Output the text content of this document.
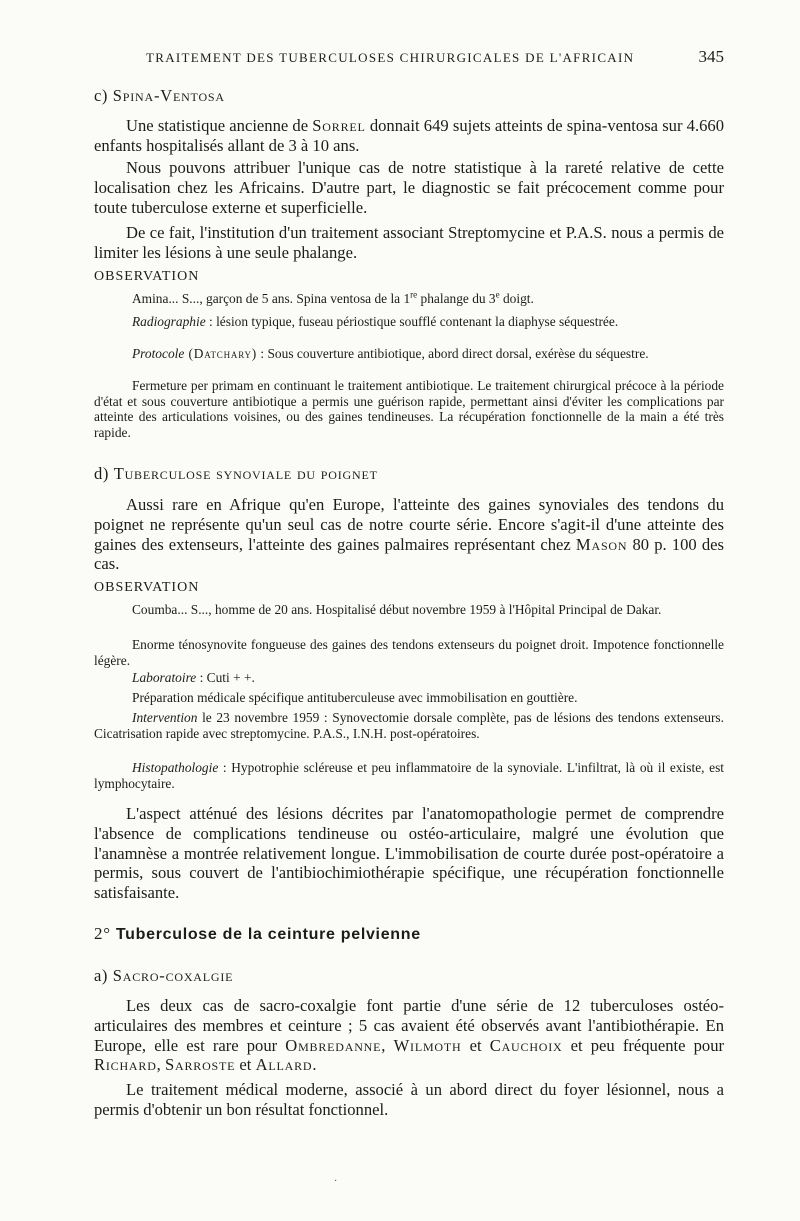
TRAITEMENT DES TUBERCULOSES CHIRURGICALES DE L'AFRICAIN	345
c) Spina-Ventosa

Une statistique ancienne de Sorrel donnait 649 sujets atteints de spina-ventosa sur 4.660 enfants hospitalisés allant de 3 à 10 ans.

Nous pouvons attribuer l'unique cas de notre statistique à la rareté relative de cette localisation chez les Africains. D'autre part, le diagnostic se fait précocement comme pour toute tuberculose externe et superficielle.

De ce fait, l'institution d'un traitement associant Streptomycine et P.A.S. nous a permis de limiter les lésions à une seule phalange.

OBSERVATION

Amina... S..., garçon de 5 ans. Spina ventosa de la 1re phalange du 3e doigt.

Radiographie : lésion typique, fuseau périostique soufflé contenant la diaphyse séquestrée.

Protocole (Datchary) : Sous couverture antibiotique, abord direct dorsal, exérèse du séquestre.

Fermeture per primam en continuant le traitement antibiotique. Le traitement chirurgical précoce à la période d'état et sous couverture antibiotique a permis une guérison rapide, permettant ainsi d'éviter les complications par atteinte des articulations voisines, ou des gaines tendineuses. La récupération fonctionnelle de la main a été très rapide.

d) Tuberculose synoviale du poignet

Aussi rare en Afrique qu'en Europe, l'atteinte des gaines synoviales des tendons du poignet ne représente qu'un seul cas de notre courte série. Encore s'agit-il d'une atteinte des gaines des extenseurs, l'atteinte des gaines palmaires représentant chez Mason 80 p. 100 des cas.

OBSERVATION

Coumba... S..., homme de 20 ans. Hospitalisé début novembre 1959 à l'Hôpital Principal de Dakar.

Enorme ténosynovite fongueuse des gaines des tendons extenseurs du poignet droit. Impotence fonctionnelle légère.

Laboratoire : Cuti + +.

Préparation médicale spécifique antituberculeuse avec immobilisation en gouttière.

Intervention le 23 novembre 1959 : Synovectomie dorsale complète, pas de lésions des tendons extenseurs. Cicatrisation rapide avec streptomycine. P.A.S., I.N.H. post-opératoires.

Histopathologie : Hypotrophie scléreuse et peu inflammatoire de la synoviale. L'infiltrat, là où il existe, est lymphocytaire.

L'aspect atténué des lésions décrites par l'anatomopathologie permet de comprendre l'absence de complications tendineuse ou ostéo-articulaire, malgré une évolution que l'anamnèse a montrée relativement longue. L'immobilisation de courte durée post-opératoire a permis, sous couvert de l'antibiochimiothérapie spécifique, une récupération fonctionnelle satisfaisante.

2° Tuberculose de la ceinture pelvienne
a) Sacro-coxalgie

Les deux cas de sacro-coxalgie font partie d'une série de 12 tuberculoses ostéo-articulaires des membres et ceinture ; 5 cas avaient été observés avant l'antibiothérapie. En Europe, elle est rare pour Ombredanne, Wilmoth et Cauchoix et peu fréquente pour Richard, Sarroste et Allard.

Le traitement médical moderne, associé à un abord direct du foyer lésionnel, nous a permis d'obtenir un bon résultat fonctionnel.

·
